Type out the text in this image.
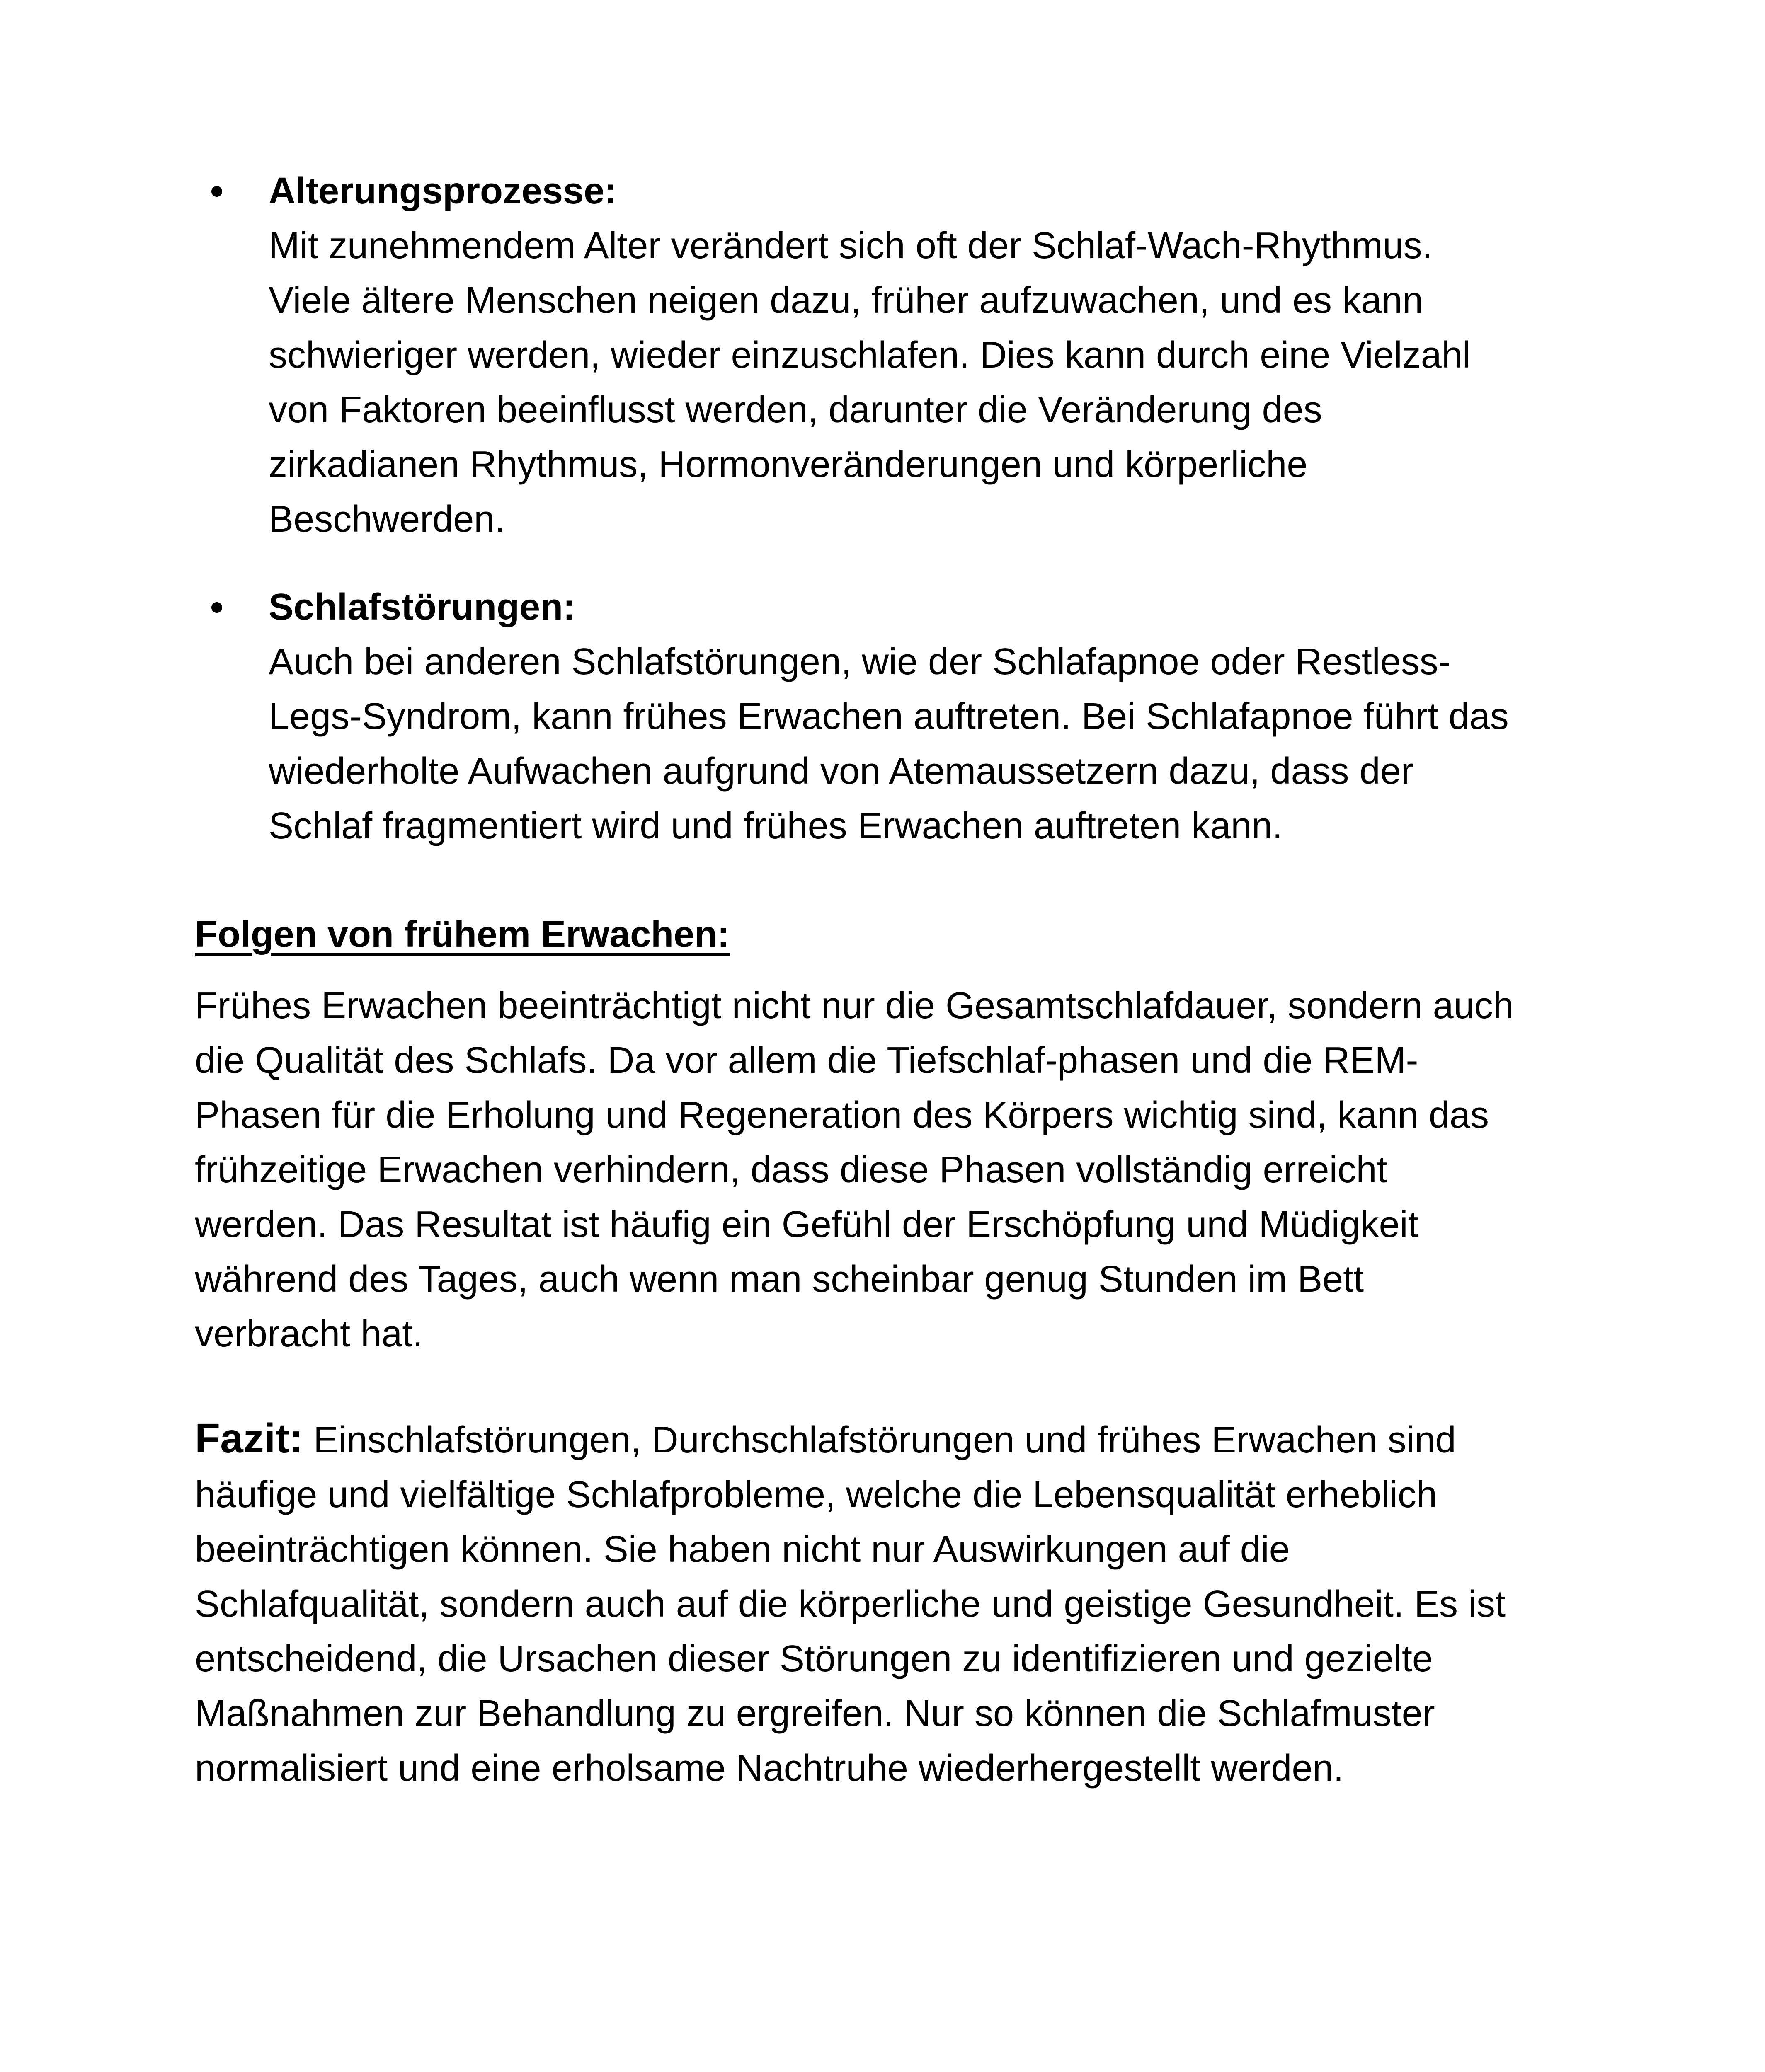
Alterungsprozesse:
Mit zunehmendem Alter verändert sich oft der Schlaf-Wach-Rhythmus. Viele ältere Menschen neigen dazu, früher aufzuwachen, und es kann schwieriger werden, wieder einzuschlafen. Dies kann durch eine Vielzahl von Faktoren beeinflusst werden, darunter die Veränderung des zirkadianen Rhythmus, Hormonveränderungen und körperliche Beschwerden.
Schlafstörungen:
Auch bei anderen Schlafstörungen, wie der Schlafapnoe oder Restless-Legs-Syndrom, kann frühes Erwachen auftreten. Bei Schlafapnoe führt das wiederholte Aufwachen aufgrund von Atemaussetzern dazu, dass der Schlaf fragmentiert wird und frühes Erwachen auftreten kann.
Folgen von frühem Erwachen:

Frühes Erwachen beeinträchtigt nicht nur die Gesamtschlafdauer, sondern auch die Qualität des Schlafs. Da vor allem die Tiefschlaf-phasen und die REM-Phasen für die Erholung und Regeneration des Körpers wichtig sind, kann das frühzeitige Erwachen verhindern, dass diese Phasen vollständig erreicht werden. Das Resultat ist häufig ein Gefühl der Erschöpfung und Müdigkeit während des Tages, auch wenn man scheinbar genug Stunden im Bett verbracht hat.

Fazit: Einschlafstörungen, Durchschlafstörungen und frühes Erwachen sind häufige und vielfältige Schlafprobleme, welche die Lebensqualität erheblich beeinträchtigen können. Sie haben nicht nur Auswirkungen auf die Schlafqualität, sondern auch auf die körperliche und geistige Gesundheit. Es ist entscheidend, die Ursachen dieser Störungen zu identifizieren und gezielte Maßnahmen zur Behandlung zu ergreifen. Nur so können die Schlafmuster normalisiert und eine erholsame Nachtruhe wiederhergestellt werden.
